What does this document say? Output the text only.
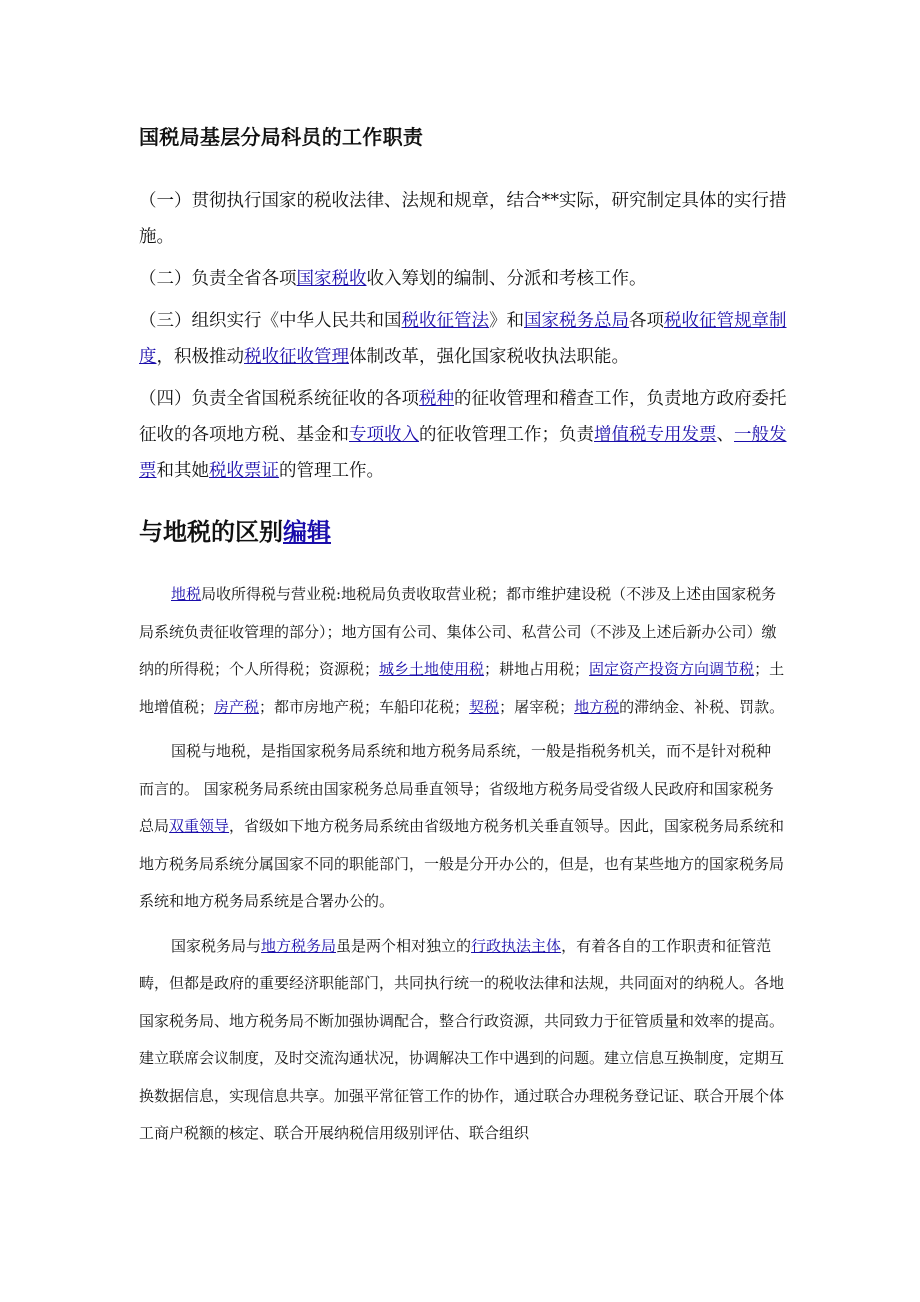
国税局基层分局科员的工作职责

（一）贯彻执行国家的税收法律、法规和规章，结合**实际，研究制定具体的实行措施。

（二）负责全省各项国家税收收入筹划的编制、分派和考核工作。

（三）组织实行《中华人民共和国税收征管法》和国家税务总局各项税收征管规章制度，积极推动税收征收管理体制改革，强化国家税收执法职能。

（四）负责全省国税系统征收的各项税种的征收管理和稽查工作，负责地方政府委托征收的各项地方税、基金和专项收入的征收管理工作；负责增值税专用发票、一般发票和其她税收票证的管理工作。

与地税的区别编辑

地税局收所得税与营业税:地税局负责收取营业税；都市维护建设税（不涉及上述由国家税务局系统负责征收管理的部分）；地方国有公司、集体公司、私营公司（不涉及上述后新办公司）缴纳的所得税；个人所得税；资源税；城乡土地使用税；耕地占用税；固定资产投资方向调节税；土地增值税；房产税；都市房地产税；车船印花税；契税；屠宰税；地方税的滞纳金、补税、罚款。

国税与地税，是指国家税务局系统和地方税务局系统，一般是指税务机关，而不是针对税种而言的。 国家税务局系统由国家税务总局垂直领导；省级地方税务局受省级人民政府和国家税务总局双重领导，省级如下地方税务局系统由省级地方税务机关垂直领导。因此，国家税务局系统和地方税务局系统分属国家不同的职能部门，一般是分开办公的，但是，也有某些地方的国家税务局系统和地方税务局系统是合署办公的。

国家税务局与地方税务局虽是两个相对独立的行政执法主体，有着各自的工作职责和征管范畴，但都是政府的重要经济职能部门，共同执行统一的税收法律和法规，共同面对的纳税人。各地国家税务局、地方税务局不断加强协调配合，整合行政资源，共同致力于征管质量和效率的提高。建立联席会议制度，及时交流沟通状况，协调解决工作中遇到的问题。建立信息互换制度，定期互换数据信息，实现信息共享。加强平常征管工作的协作，通过联合办理税务登记证、联合开展个体工商户税额的核定、联合开展纳税信用级别评估、联合组织
